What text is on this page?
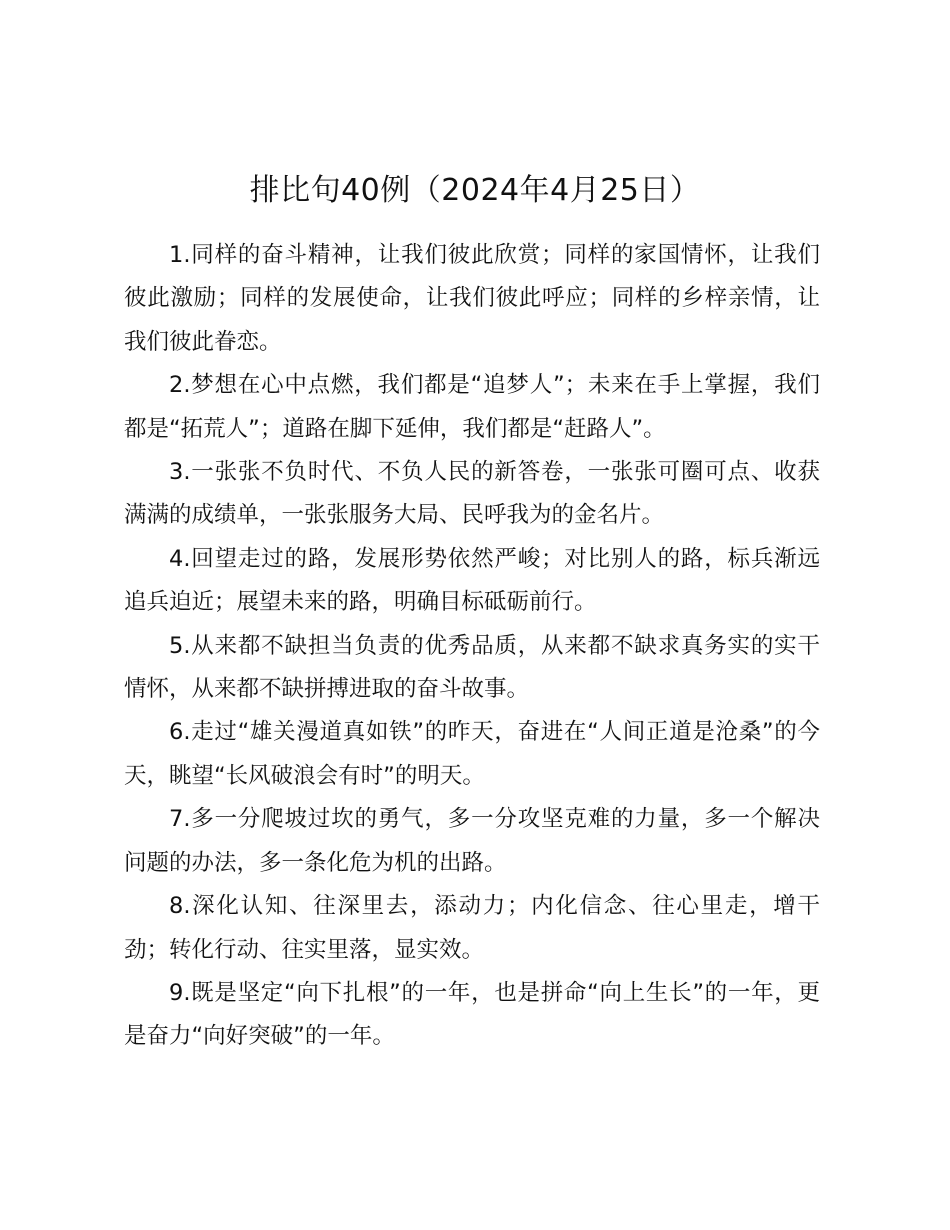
排比句40例（2024年4月25日）

1.同样的奋斗精神，让我们彼此欣赏；同样的家国情怀，让我们彼此激励；同样的发展使命，让我们彼此呼应；同样的乡梓亲情，让我们彼此眷恋。

2.梦想在心中点燃，我们都是“追梦人”；未来在手上掌握，我们都是“拓荒人”；道路在脚下延伸，我们都是“赶路人”。

3.一张张不负时代、不负人民的新答卷，一张张可圈可点、收获满满的成绩单，一张张服务大局、民呼我为的金名片。

4.回望走过的路，发展形势依然严峻；对比别人的路，标兵渐远追兵迫近；展望未来的路，明确目标砥砺前行。

5.从来都不缺担当负责的优秀品质，从来都不缺求真务实的实干情怀，从来都不缺拼搏进取的奋斗故事。

6.走过“雄关漫道真如铁”的昨天，奋进在“人间正道是沧桑”的今天，眺望“长风破浪会有时”的明天。

7.多一分爬坡过坎的勇气，多一分攻坚克难的力量，多一个解决问题的办法，多一条化危为机的出路。

8.深化认知、往深里去，添动力；内化信念、往心里走，增干劲；转化行动、往实里落，显实效。

9.既是坚定“向下扎根”的一年，也是拼命“向上生长”的一年，更是奋力“向好突破”的一年。
